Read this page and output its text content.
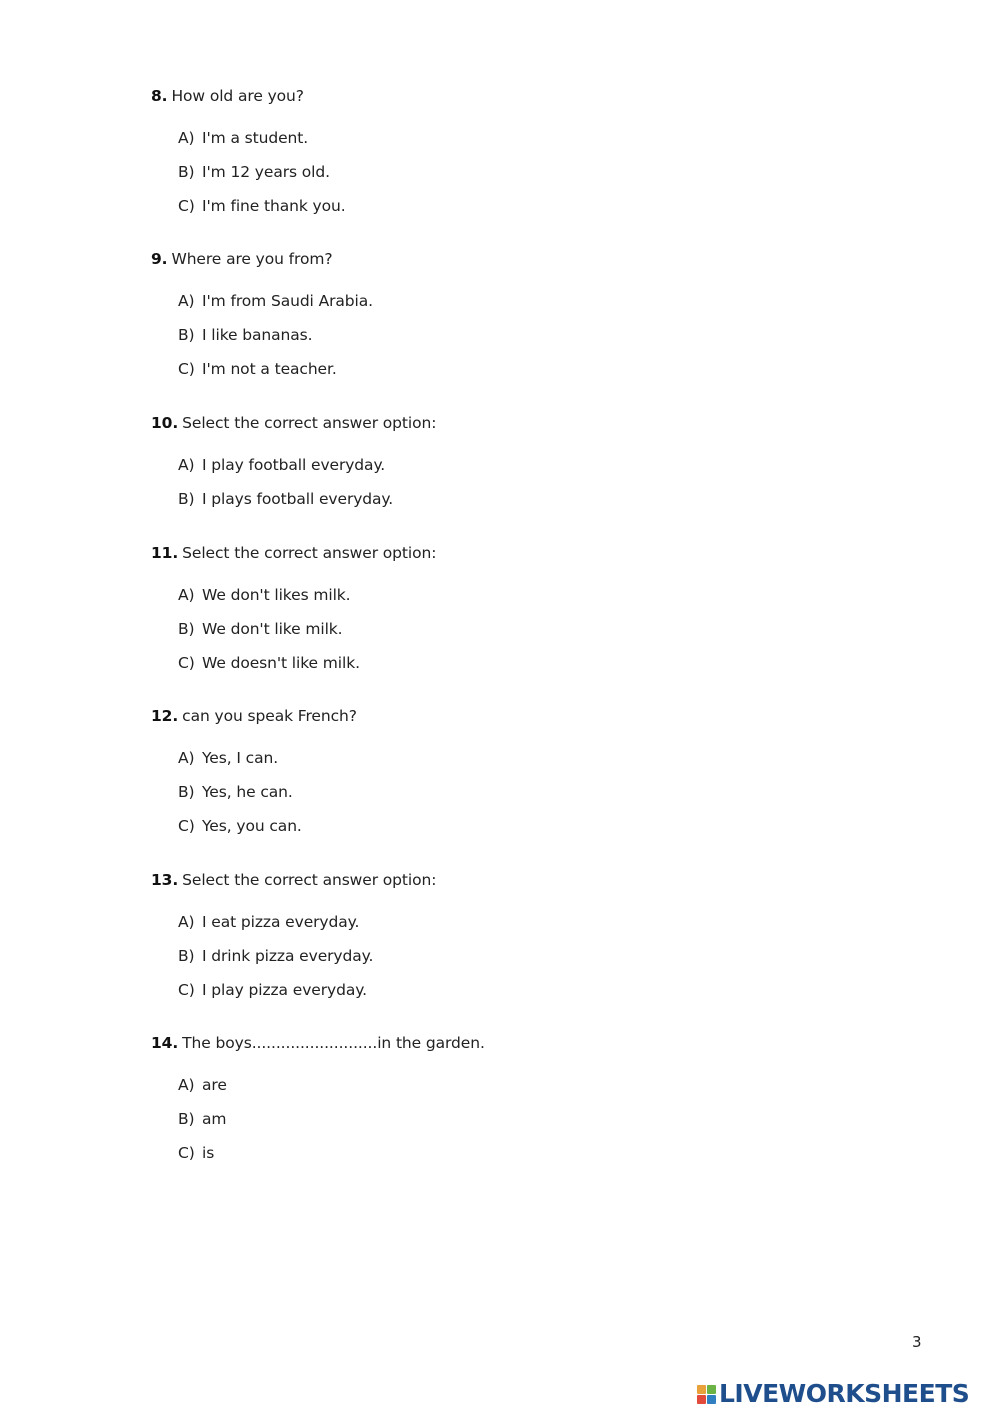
8. How old are you?
A) I'm a student.
B) I'm 12 years old.
C) I'm fine thank you.
9. Where are you from?
A) I'm from Saudi Arabia.
B) I like bananas.
C) I'm not a teacher.
10. Select the correct answer option:
A) I play football everyday.
B) I plays football everyday.
11. Select the correct answer option:
A) We don't likes milk.
B) We don't like milk.
C) We doesn't like milk.
12. can you speak French?
A) Yes, I can.
B) Yes, he can.
C) Yes, you can.
13. Select the correct answer option:
A) I eat pizza everyday.
B) I drink pizza everyday.
C) I play pizza everyday.
14. The boys..........................in the garden.
A) are
B) am
C) is
3
LIVEWORKSHEETS
